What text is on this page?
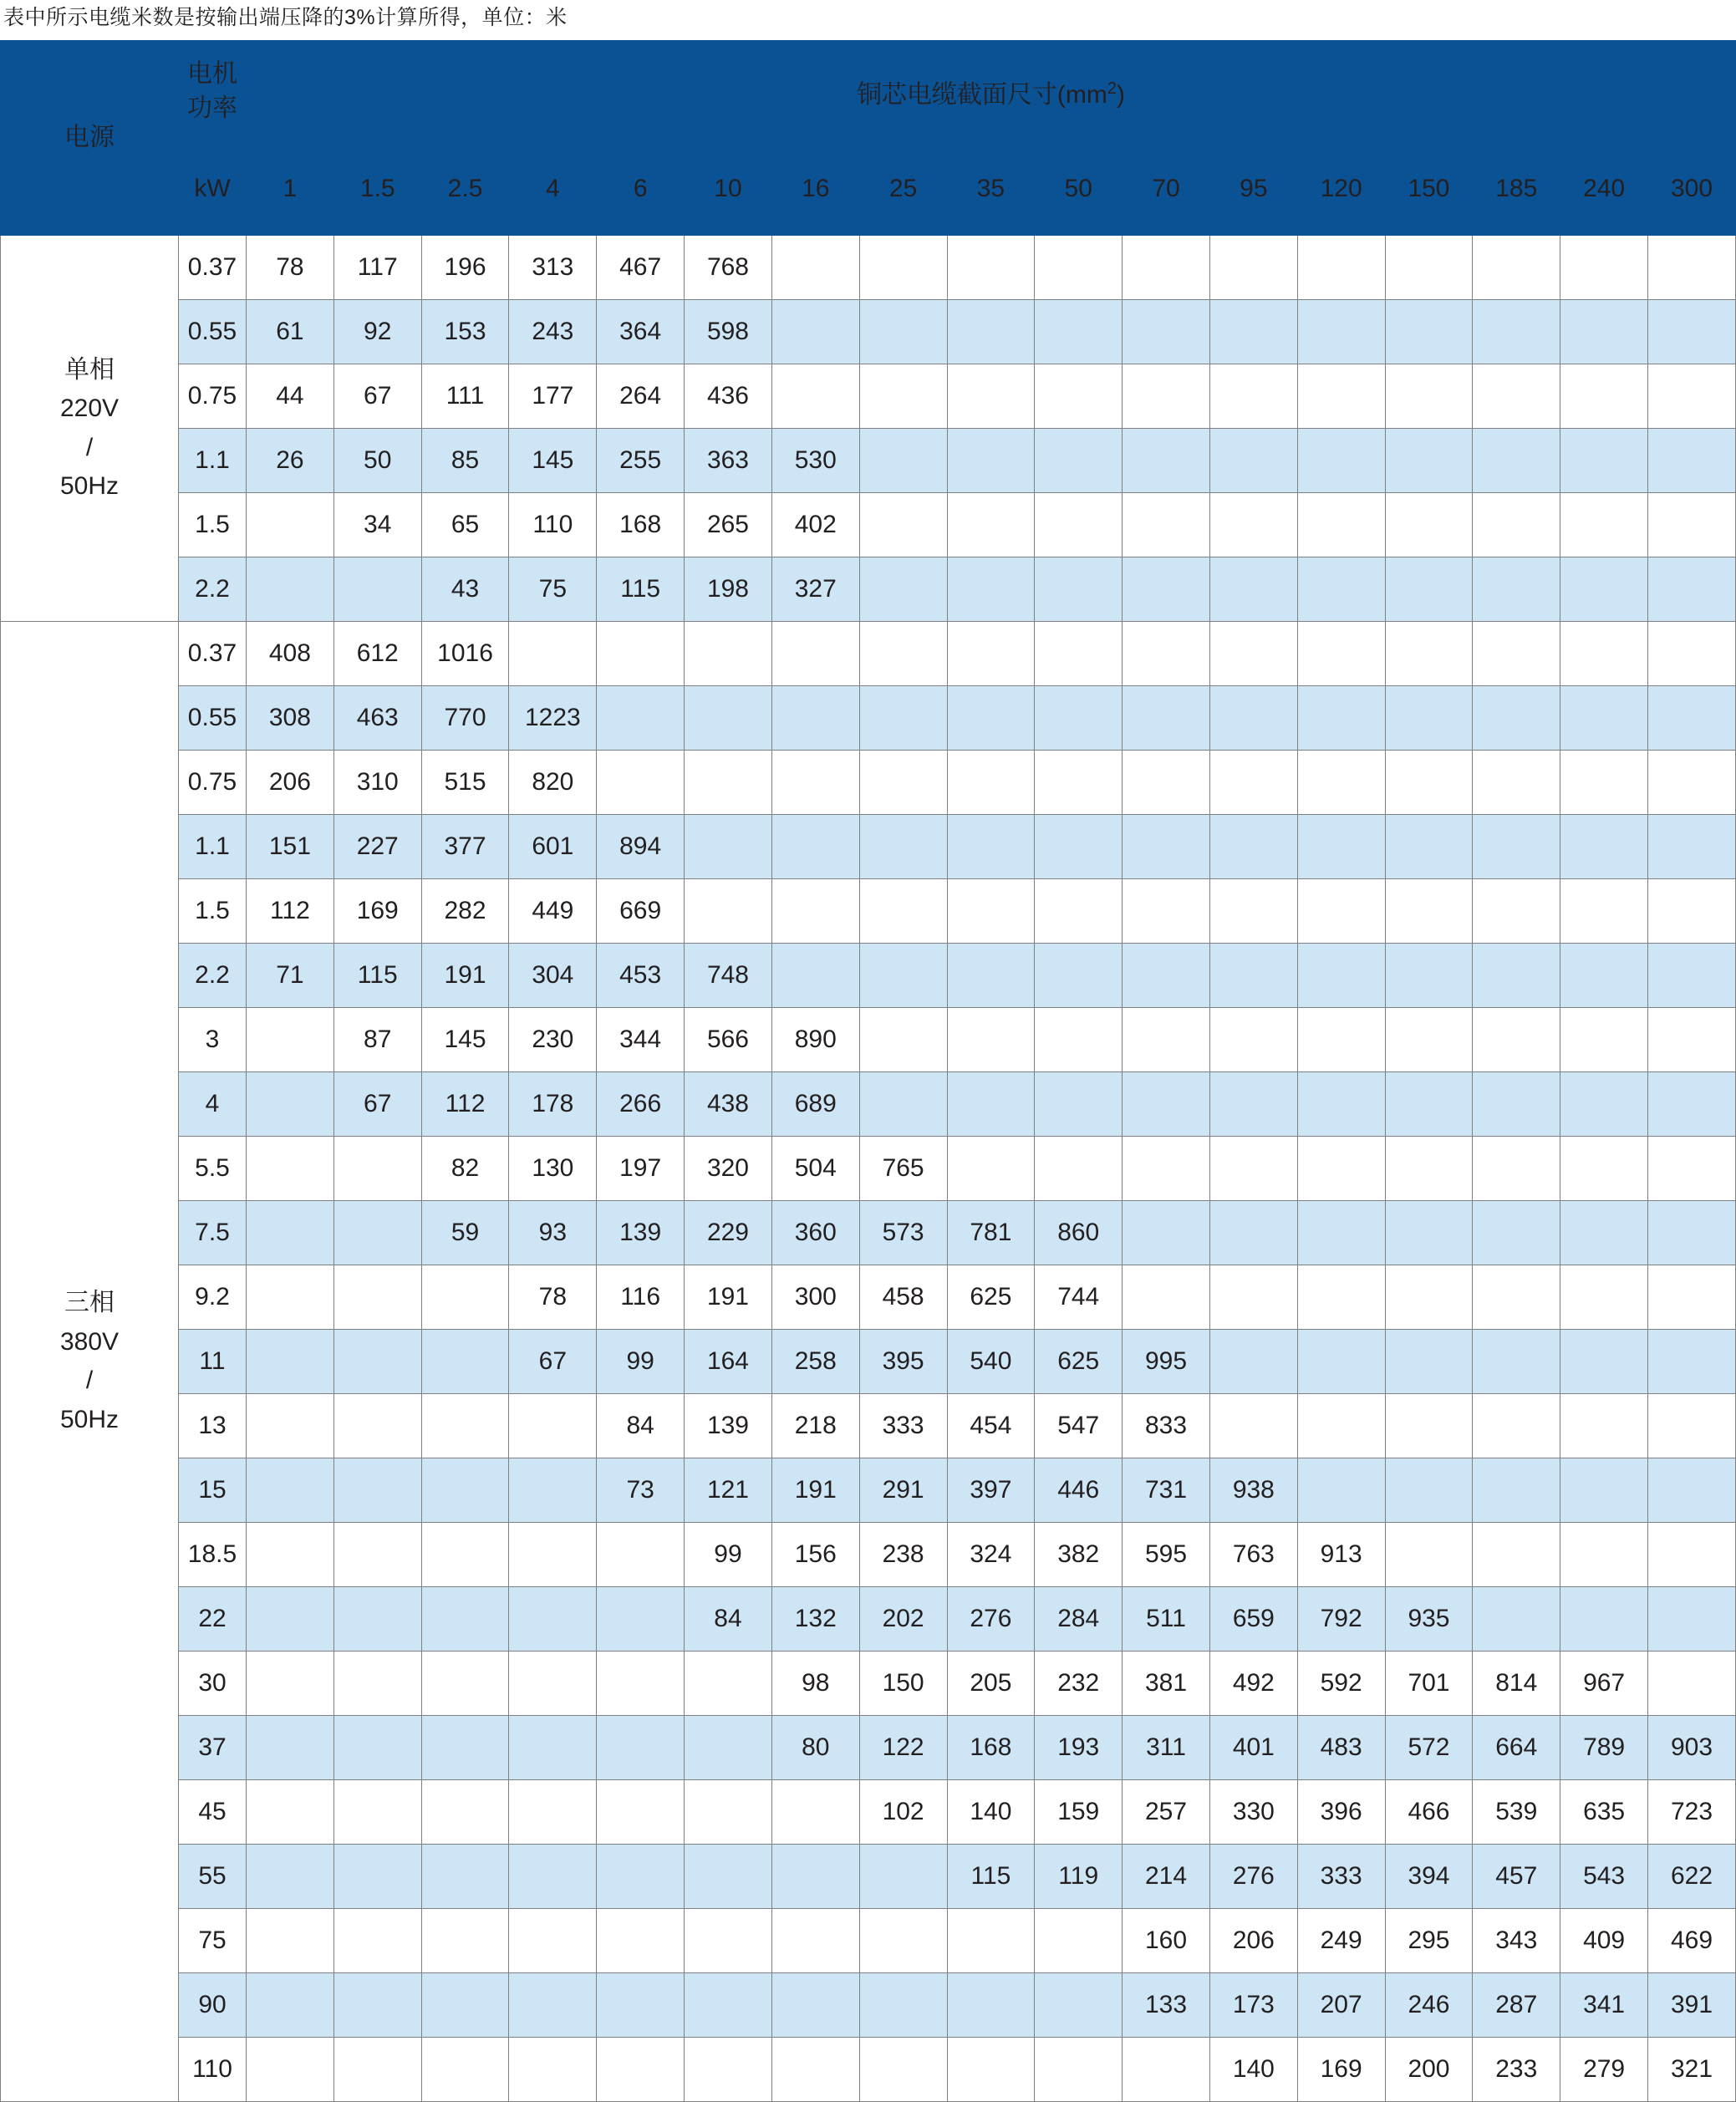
表中所示电缆米数是按输出端压降的3%计算所得，单位：米
电源	电机
功率	铜芯电缆截面尺寸$(mm^2)$																
	kW	1	1.5	2.5	4	6	10	16	25	35	50	70	95	120	150	185	240	300
单相
220V
/
50Hz	0.37	78	117	196	313	467	768											
	0.55	61	92	153	243	364	598											
	0.75	44	67	111	177	264	436											
	1.1	26	50	85	145	255	363	530										
	1.5		34	65	110	168	265	402										
	2.2			43	75	115	198	327										
三相
380V
/
50Hz	0.37	408	612	1016														
	0.55	308	463	770	1223													
	0.75	206	310	515	820													
	1.1	151	227	377	601	894												
	1.5	112	169	282	449	669												
	2.2	71	115	191	304	453	748											
	3		87	145	230	344	566	890										
	4		67	112	178	266	438	689										
	5.5			82	130	197	320	504	765									
	7.5			59	93	139	229	360	573	781	860							
	9.2				78	116	191	300	458	625	744							
	11				67	99	164	258	395	540	625	995						
	13					84	139	218	333	454	547	833						
	15					73	121	191	291	397	446	731	938					
	18.5						99	156	238	324	382	595	763	913				
	22						84	132	202	276	284	511	659	792	935			
	30							98	150	205	232	381	492	592	701	814	967	
	37							80	122	168	193	311	401	483	572	664	789	903
	45								102	140	159	257	330	396	466	539	635	723
	55									115	119	214	276	333	394	457	543	622
	75											160	206	249	295	343	409	469
	90											133	173	207	246	287	341	391
	110												140	169	200	233	279	321
